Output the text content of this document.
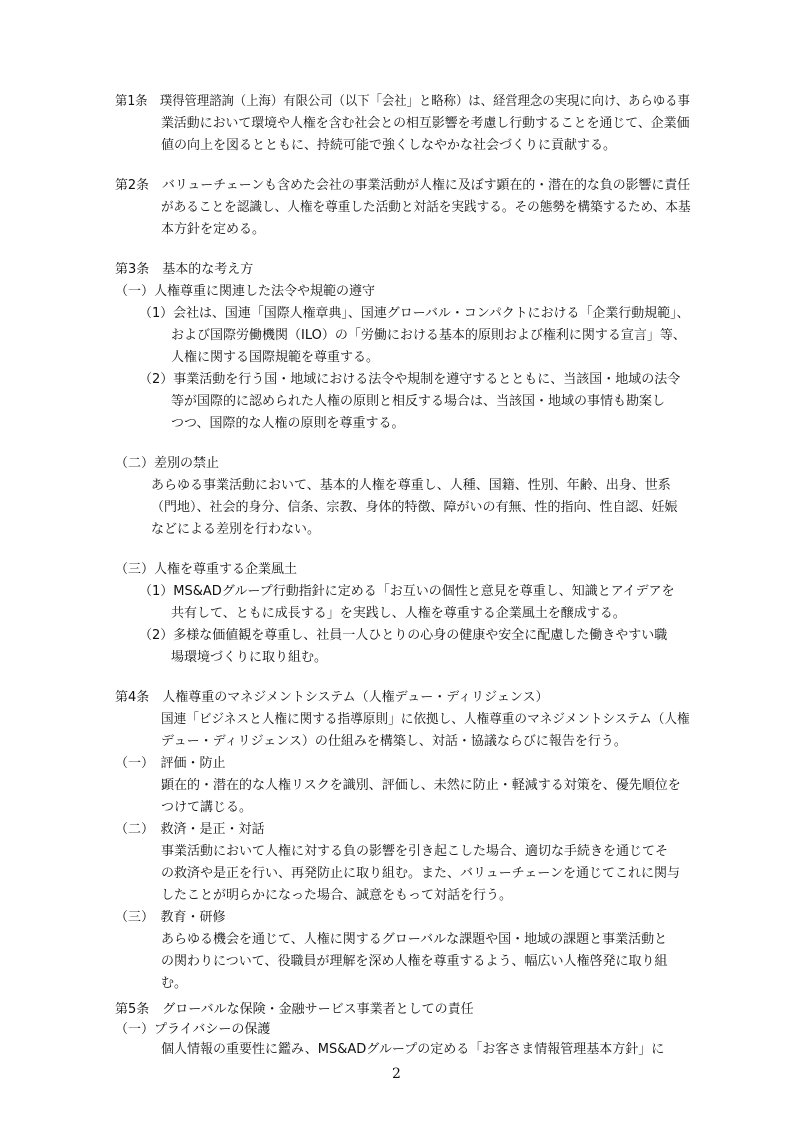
第1条　璞得管理諮詢（上海）有限公司（以下「会社」と略称）は、経営理念の実現に向け、あらゆる事
業活動において環境や人権を含む社会との相互影響を考慮し行動することを通じて、企業価
値の向上を図るとともに、持続可能で強くしなやかな社会づくりに貢献する。
第2条　バリューチェーンも含めた会社の事業活動が人権に及ぼす顕在的・潜在的な負の影響に責任
があることを認識し、人権を尊重した活動と対話を実践する。その態勢を構築するため、本基
本方針を定める。
第3条　基本的な考え方
（一）人権尊重に関連した法令や規範の遵守
（1）会社は、国連「国際人権章典」、国連グローバル・コンパクトにおける「企業行動規範」、
および国際労働機関（ILO）の「労働における基本的原則および権利に関する宣言」等、
人権に関する国際規範を尊重する。
（2）事業活動を行う国・地域における法令や規制を遵守するとともに、当該国・地域の法令
等が国際的に認められた人権の原則と相反する場合は、当該国・地域の事情も勘案し
つつ、国際的な人権の原則を尊重する。
（二）差別の禁止
あらゆる事業活動において、基本的人権を尊重し、人種、国籍、性別、年齢、出身、世系
（門地）、社会的身分、信条、宗教、身体的特徴、障がいの有無、性的指向、性自認、妊娠
などによる差別を行わない。
（三）人権を尊重する企業風土
（1）MS&ADグループ行動指針に定める「お互いの個性と意見を尊重し、知識とアイデアを
共有して、ともに成長する」を実践し、人権を尊重する企業風土を醸成する。
（2）多様な価値観を尊重し、社員一人ひとりの心身の健康や安全に配慮した働きやすい職
場環境づくりに取り組む。
第4条　人権尊重のマネジメントシステム（人権デュー・ディリジェンス）
国連「ビジネスと人権に関する指導原則」に依拠し、人権尊重のマネジメントシステム（人権
デュー・ディリジェンス）の仕組みを構築し、対話・協議ならびに報告を行う。
（一）　評価・防止
顕在的・潜在的な人権リスクを識別、評価し、未然に防止・軽減する対策を、優先順位を
つけて講じる。
（二）　救済・是正・対話
事業活動において人権に対する負の影響を引き起こした場合、適切な手続きを通じてそ
の救済や是正を行い、再発防止に取り組む。また、バリューチェーンを通じてこれに関与
したことが明らかになった場合、誠意をもって対話を行う。
（三）　教育・研修
あらゆる機会を通じて、人権に関するグローバルな課題や国・地域の課題と事業活動と
の関わりについて、役職員が理解を深め人権を尊重するよう、幅広い人権啓発に取り組
む。
第5条　グローバルな保険・金融サービス事業者としての責任
（一）プライバシーの保護
個人情報の重要性に鑑み、MS&ADグループの定める「お客さま情報管理基本方針」に
2
